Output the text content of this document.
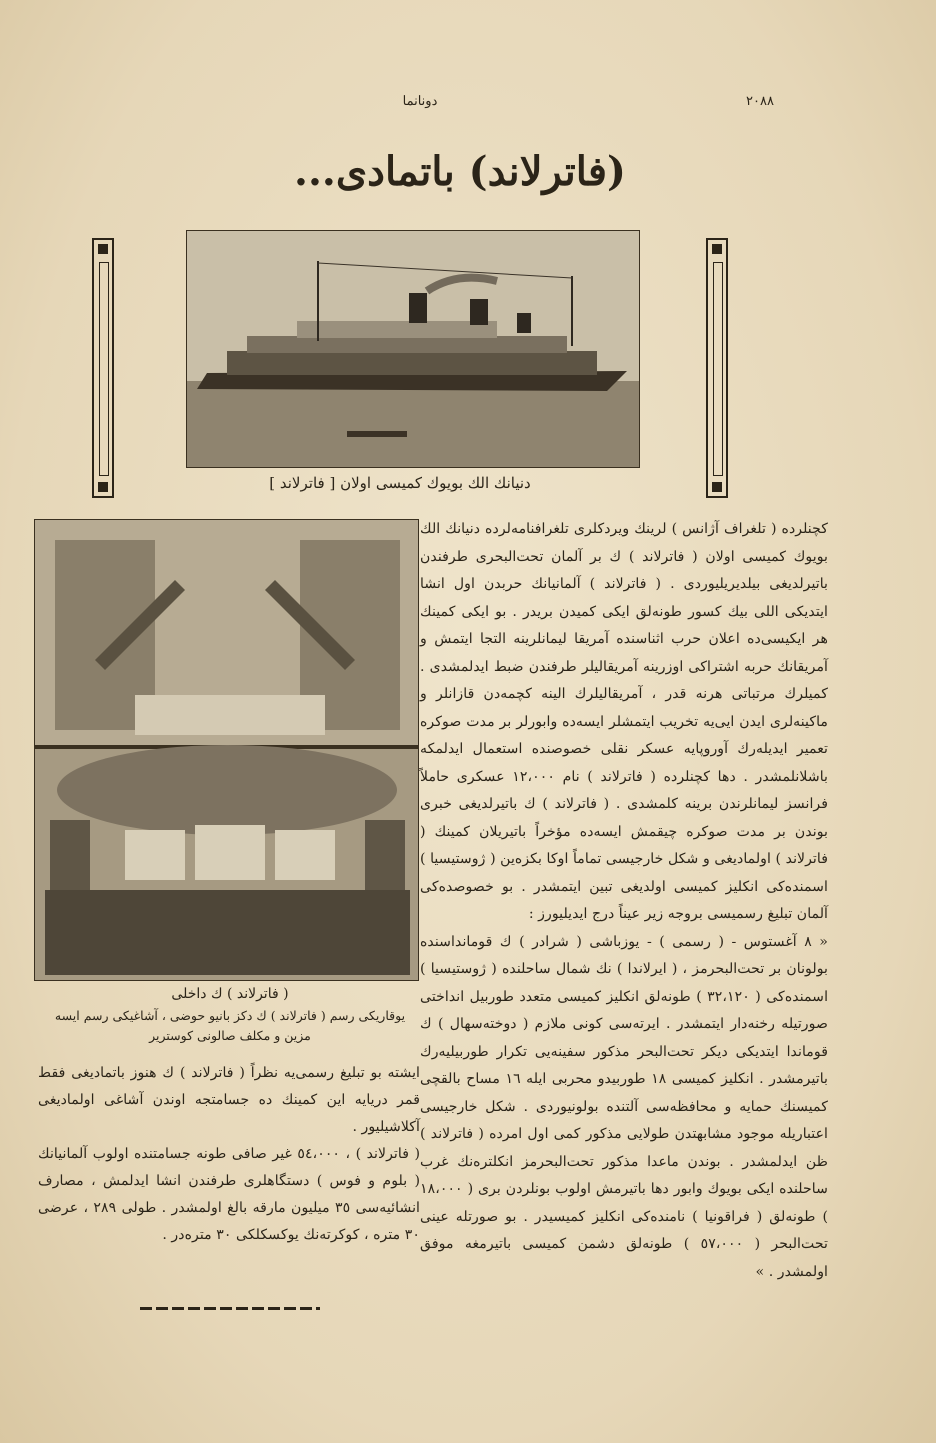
دونانما	٢٠٨٨
(فاترلاند) باتمادی...
دنیانك الك بویوك كمیسی اولان [ فاترلاند ]
( فاترلاند ) ك داخلی
یوقاریكی رسم ( فاترلاند ) ك دكز بانیو حوضی ، آشاغیكی رسم ایسه مزین و مكلف صالونی كوستریر

كچنلرده ( تلغراف آژانس ) لرینك ویردكلری تلغرافنامه‌لرده دنیانك الك بویوك كمیسی اولان ( فاترلاند ) ك بر آلمان تحت‌البحری طرفندن باتیرلدیغی بیلدیریلیوردی . ( فاترلاند ) آلمانیانك حربدن اول انشا ایتدیكی اللی بیك كسور طونه‌لق ایكی كمیدن بریدر . بو ایكی كمینك هر ایكیسی‌ده اعلان حرب اثناسنده آمریقا لیمانلرینه التجا ایتمش و آمریقانك حربه اشتراكی اوزرینه آمریقالیلر طرفندن ضبط ایدلمشدی . كمیلرك مرتباتی هرنه قدر ، آمریقالیلرك الینه كچمه‌دن قازانلر و ماكینه‌لری ایدن ایی‌یه تخریب ایتمشلر ایسه‌ده وابورلر بر مدت صوكره تعمیر ایدیله‌رك آوروپایه عسكر نقلی خصوصنده استعمال ایدلمكه باشلانلمشدر . دها كچنلرده ( فاترلاند ) نام ١٢،٠٠٠ عسكری حاملاً فرانسز لیمانلرندن برینه كلمشدی . ( فاترلاند ) ك باتیرلدیغی خبری بوندن بر مدت صوكره چیقمش ایسه‌ده مؤخراً باتیریلان كمینك ( فاترلاند ) اولمادیغی و شكل خارجیسی تماماً اوكا بكزه‌ین ( ژوستیسیا ) اسمنده‌كی انكلیز كمیسی اولدیغی تبین ایتمشدر . بو خصوصده‌كی آلمان تبلیغ رسمیسی بروجه زیر عیناً درج ایدیلیورز :

« ٨ آغستوس - ( رسمی ) - یوزباشی ( شرادر ) ك قوماندا‌سنده بولونان بر تحت‌البحرمز ، ( ایرلاندا ) نك شمال ساحلنده ( ژوستیسیا ) اسمنده‌كی ( ٣٢،١٢٠ ) طونه‌لق انكلیز كمیسی متعدد طوربیل انداختی صورتیله رخنه‌دار ایتمشدر . ایرته‌سی كونی ملازم ( دوخته‌سهال ) ك قوماندا ایتدیكی دیكر تحت‌البحر مذكور سفینه‌یی تكرار طوربیلیه‌رك باتیرمشدر . انكلیز كمیسی ١٨ طوربیدو محربی ایله ١٦ مساح بالقچی كمیسنك حمایه و محافظه‌سی آلتنده بولونیوردی . شكل خارجیسی اعتباریله موجود مشابهتدن طولایی مذكور كمی اول امرده ( فاترلاند ) ظن ایدلمشدر . بوندن ماعدا مذكور تحت‌البحرمز انكلتره‌نك غرب ساحلنده ایكی بویوك وابور دها باتیرمش اولوب بونلردن بری ( ١٨،٠٠٠ ) طونه‌لق ( فراقونیا ) نامنده‌كی انكلیز كمیسیدر . بو صورتله عینی تحت‌البحر ( ٥٧،٠٠٠ ) طونه‌لق دشمن كمیسی باتیرمغه موفق اولمشدر . »

ایشته بو تبلیغ رسمی‌یه نظراً ( فاترلاند ) ك هنوز باتمادیغی فقط قمر دریایه این كمینك ده جسامتجه اوندن آشاغی اولمادیغی آكلاشیلیور .

( فاترلاند ) ، ٥٤،٠٠٠ غیر صافی طونه جسامتنده اولوب آلمانیانك ( بلوم و فوس ) دستگاهلری طرفندن انشا ایدلمش ، مصارف انشائیه‌سی ٣٥ میلیون مارقه بالغ اولمشدر . طولی ٢٨٩ ، عرضی ٣٠ متره ، كوكرته‌نك یوكسكلكی ٣٠ متره‌در .
